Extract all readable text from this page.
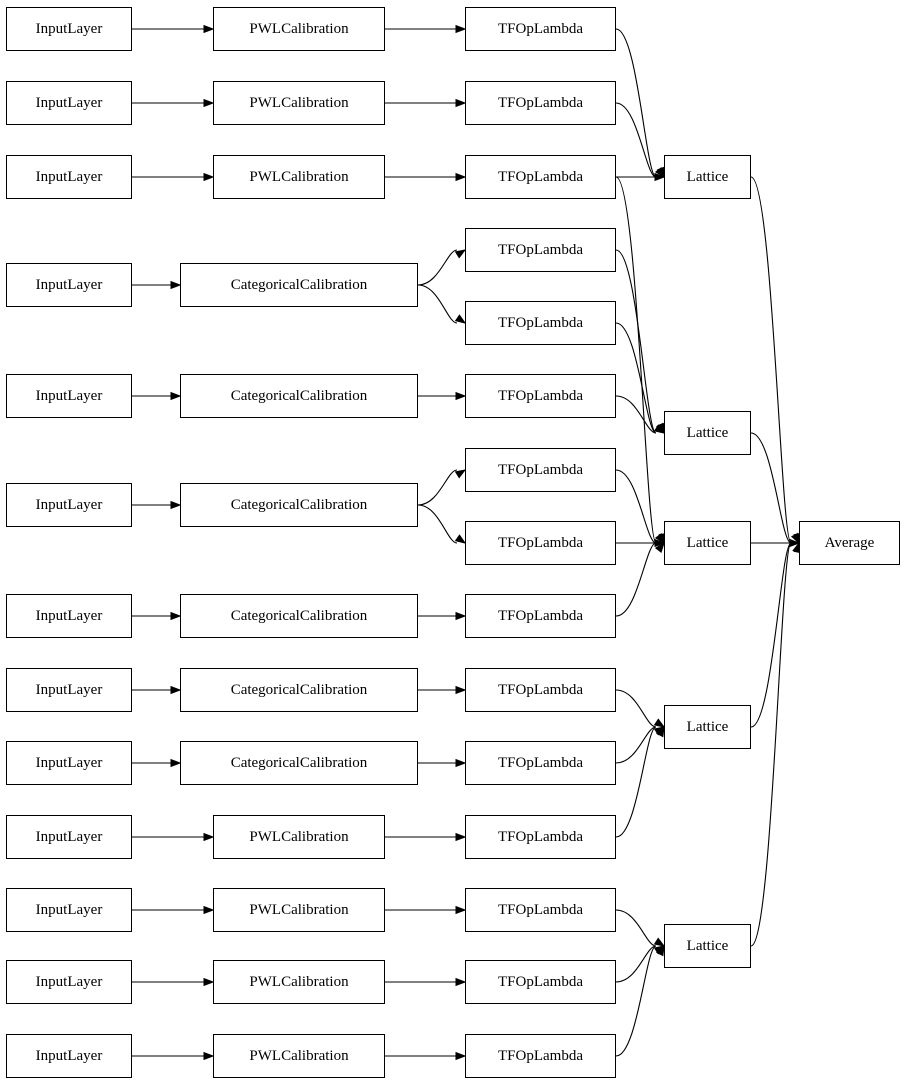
InputLayer
InputLayer
InputLayer
InputLayer
InputLayer
InputLayer
InputLayer
InputLayer
InputLayer
InputLayer
InputLayer
InputLayer
InputLayer
PWLCalibration
PWLCalibration
PWLCalibration
CategoricalCalibration
CategoricalCalibration
CategoricalCalibration
CategoricalCalibration
CategoricalCalibration
CategoricalCalibration
PWLCalibration
PWLCalibration
PWLCalibration
PWLCalibration
TFOpLambda
TFOpLambda
TFOpLambda
TFOpLambda
TFOpLambda
TFOpLambda
TFOpLambda
TFOpLambda
TFOpLambda
TFOpLambda
TFOpLambda
TFOpLambda
TFOpLambda
TFOpLambda
TFOpLambda
Lattice
Lattice
Lattice
Lattice
Lattice
Average
